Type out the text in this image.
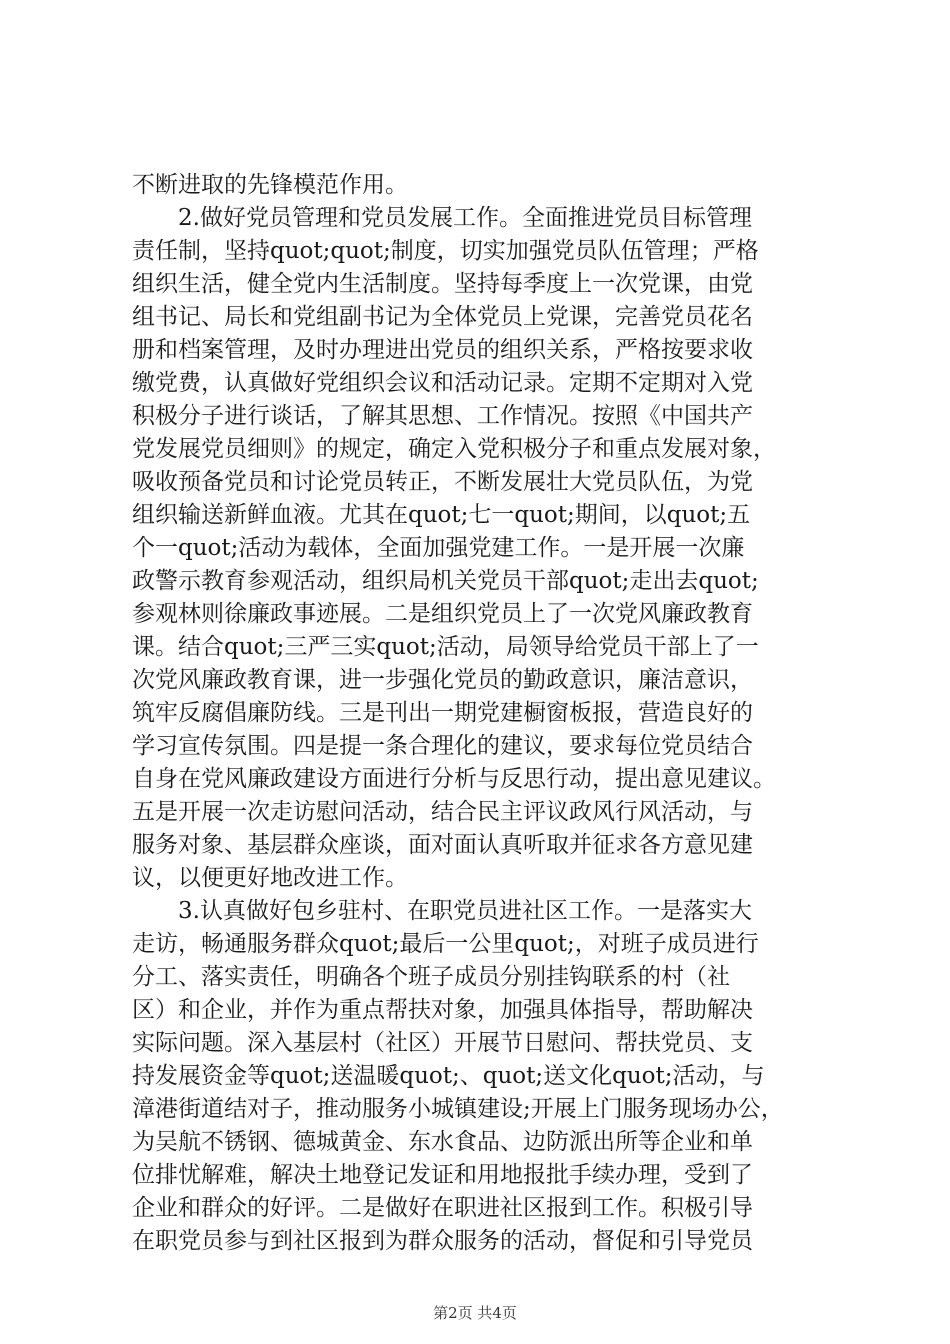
不断进取的先锋模范作用。
2.做好党员管理和党员发展工作。全面推进党员目标管理
责任制，坚持quot;quot;制度，切实加强党员队伍管理；严格
组织生活，健全党内生活制度。坚持每季度上一次党课，由党
组书记、局长和党组副书记为全体党员上党课，完善党员花名
册和档案管理，及时办理进出党员的组织关系，严格按要求收
缴党费，认真做好党组织会议和活动记录。定期不定期对入党
积极分子进行谈话，了解其思想、工作情况。按照《中国共产
党发展党员细则》的规定，确定入党积极分子和重点发展对象，
吸收预备党员和讨论党员转正，不断发展壮大党员队伍，为党
组织输送新鲜血液。尤其在quot;七一quot;期间，以quot;五
个一quot;活动为载体，全面加强党建工作。一是开展一次廉
政警示教育参观活动，组织局机关党员干部quot;走出去quot;
参观林则徐廉政事迹展。二是组织党员上了一次党风廉政教育
课。结合quot;三严三实quot;活动，局领导给党员干部上了一
次党风廉政教育课，进一步强化党员的勤政意识，廉洁意识，
筑牢反腐倡廉防线。三是刊出一期党建橱窗板报，营造良好的
学习宣传氛围。四是提一条合理化的建议，要求每位党员结合
自身在党风廉政建设方面进行分析与反思行动，提出意见建议。
五是开展一次走访慰问活动，结合民主评议政风行风活动，与
服务对象、基层群众座谈，面对面认真听取并征求各方意见建
议，以便更好地改进工作。
3.认真做好包乡驻村、在职党员进社区工作。一是落实大
走访，畅通服务群众quot;最后一公里quot;，对班子成员进行
分工、落实责任，明确各个班子成员分别挂钩联系的村（社
区）和企业，并作为重点帮扶对象，加强具体指导，帮助解决
实际问题。深入基层村（社区）开展节日慰问、帮扶党员、支
持发展资金等quot;送温暖quot;、quot;送文化quot;活动，与
漳港街道结对子，推动服务小城镇建设;开展上门服务现场办公，
为吴航不锈钢、德城黄金、东水食品、边防派出所等企业和单
位排忧解难，解决土地登记发证和用地报批手续办理，受到了
企业和群众的好评。二是做好在职进社区报到工作。积极引导
在职党员参与到社区报到为群众服务的活动，督促和引导党员
第2页 共4页
